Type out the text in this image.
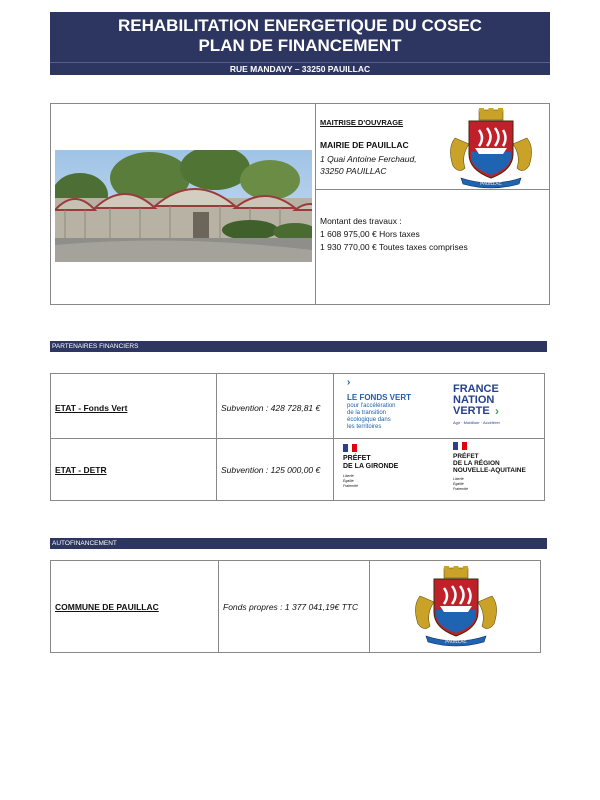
REHABILITATION ENERGETIQUE DU COSEC
PLAN DE FINANCEMENT
RUE MANDAVY – 33250 PAUILLAC
MAITRISE D'OUVRAGE
MAIRIE DE PAUILLAC
1 Quai Antoine Ferchaud, 33250 PAUILLAC
PAUILLAC
Montant des travaux :
1 608 975,00 € Hors taxes
1 930 770,00 € Toutes taxes comprises
PARTENAIRES FINANCIERS
ETAT - Fonds Vert	Subvention : 428 728,81 €
›
LE FONDS VERT
pour l'accélération
de la transition
écologique dans
les territoires
FRANCE
NATION
VERTE ›
Agir · Mobiliser · Accélérer
ETAT - DETR	Subvention : 125 000,00 €
PRÉFET
DE LA GIRONDE
Liberté
Égalité
Fraternité
PRÉFET
DE LA RÉGION
NOUVELLE-AQUITAINE
Liberté
Égalité
Fraternité
AUTOFINANCEMENT
COMMUNE DE PAUILLAC	Fonds propres : 1 377 041,19€ TTC
PAUILLAC
